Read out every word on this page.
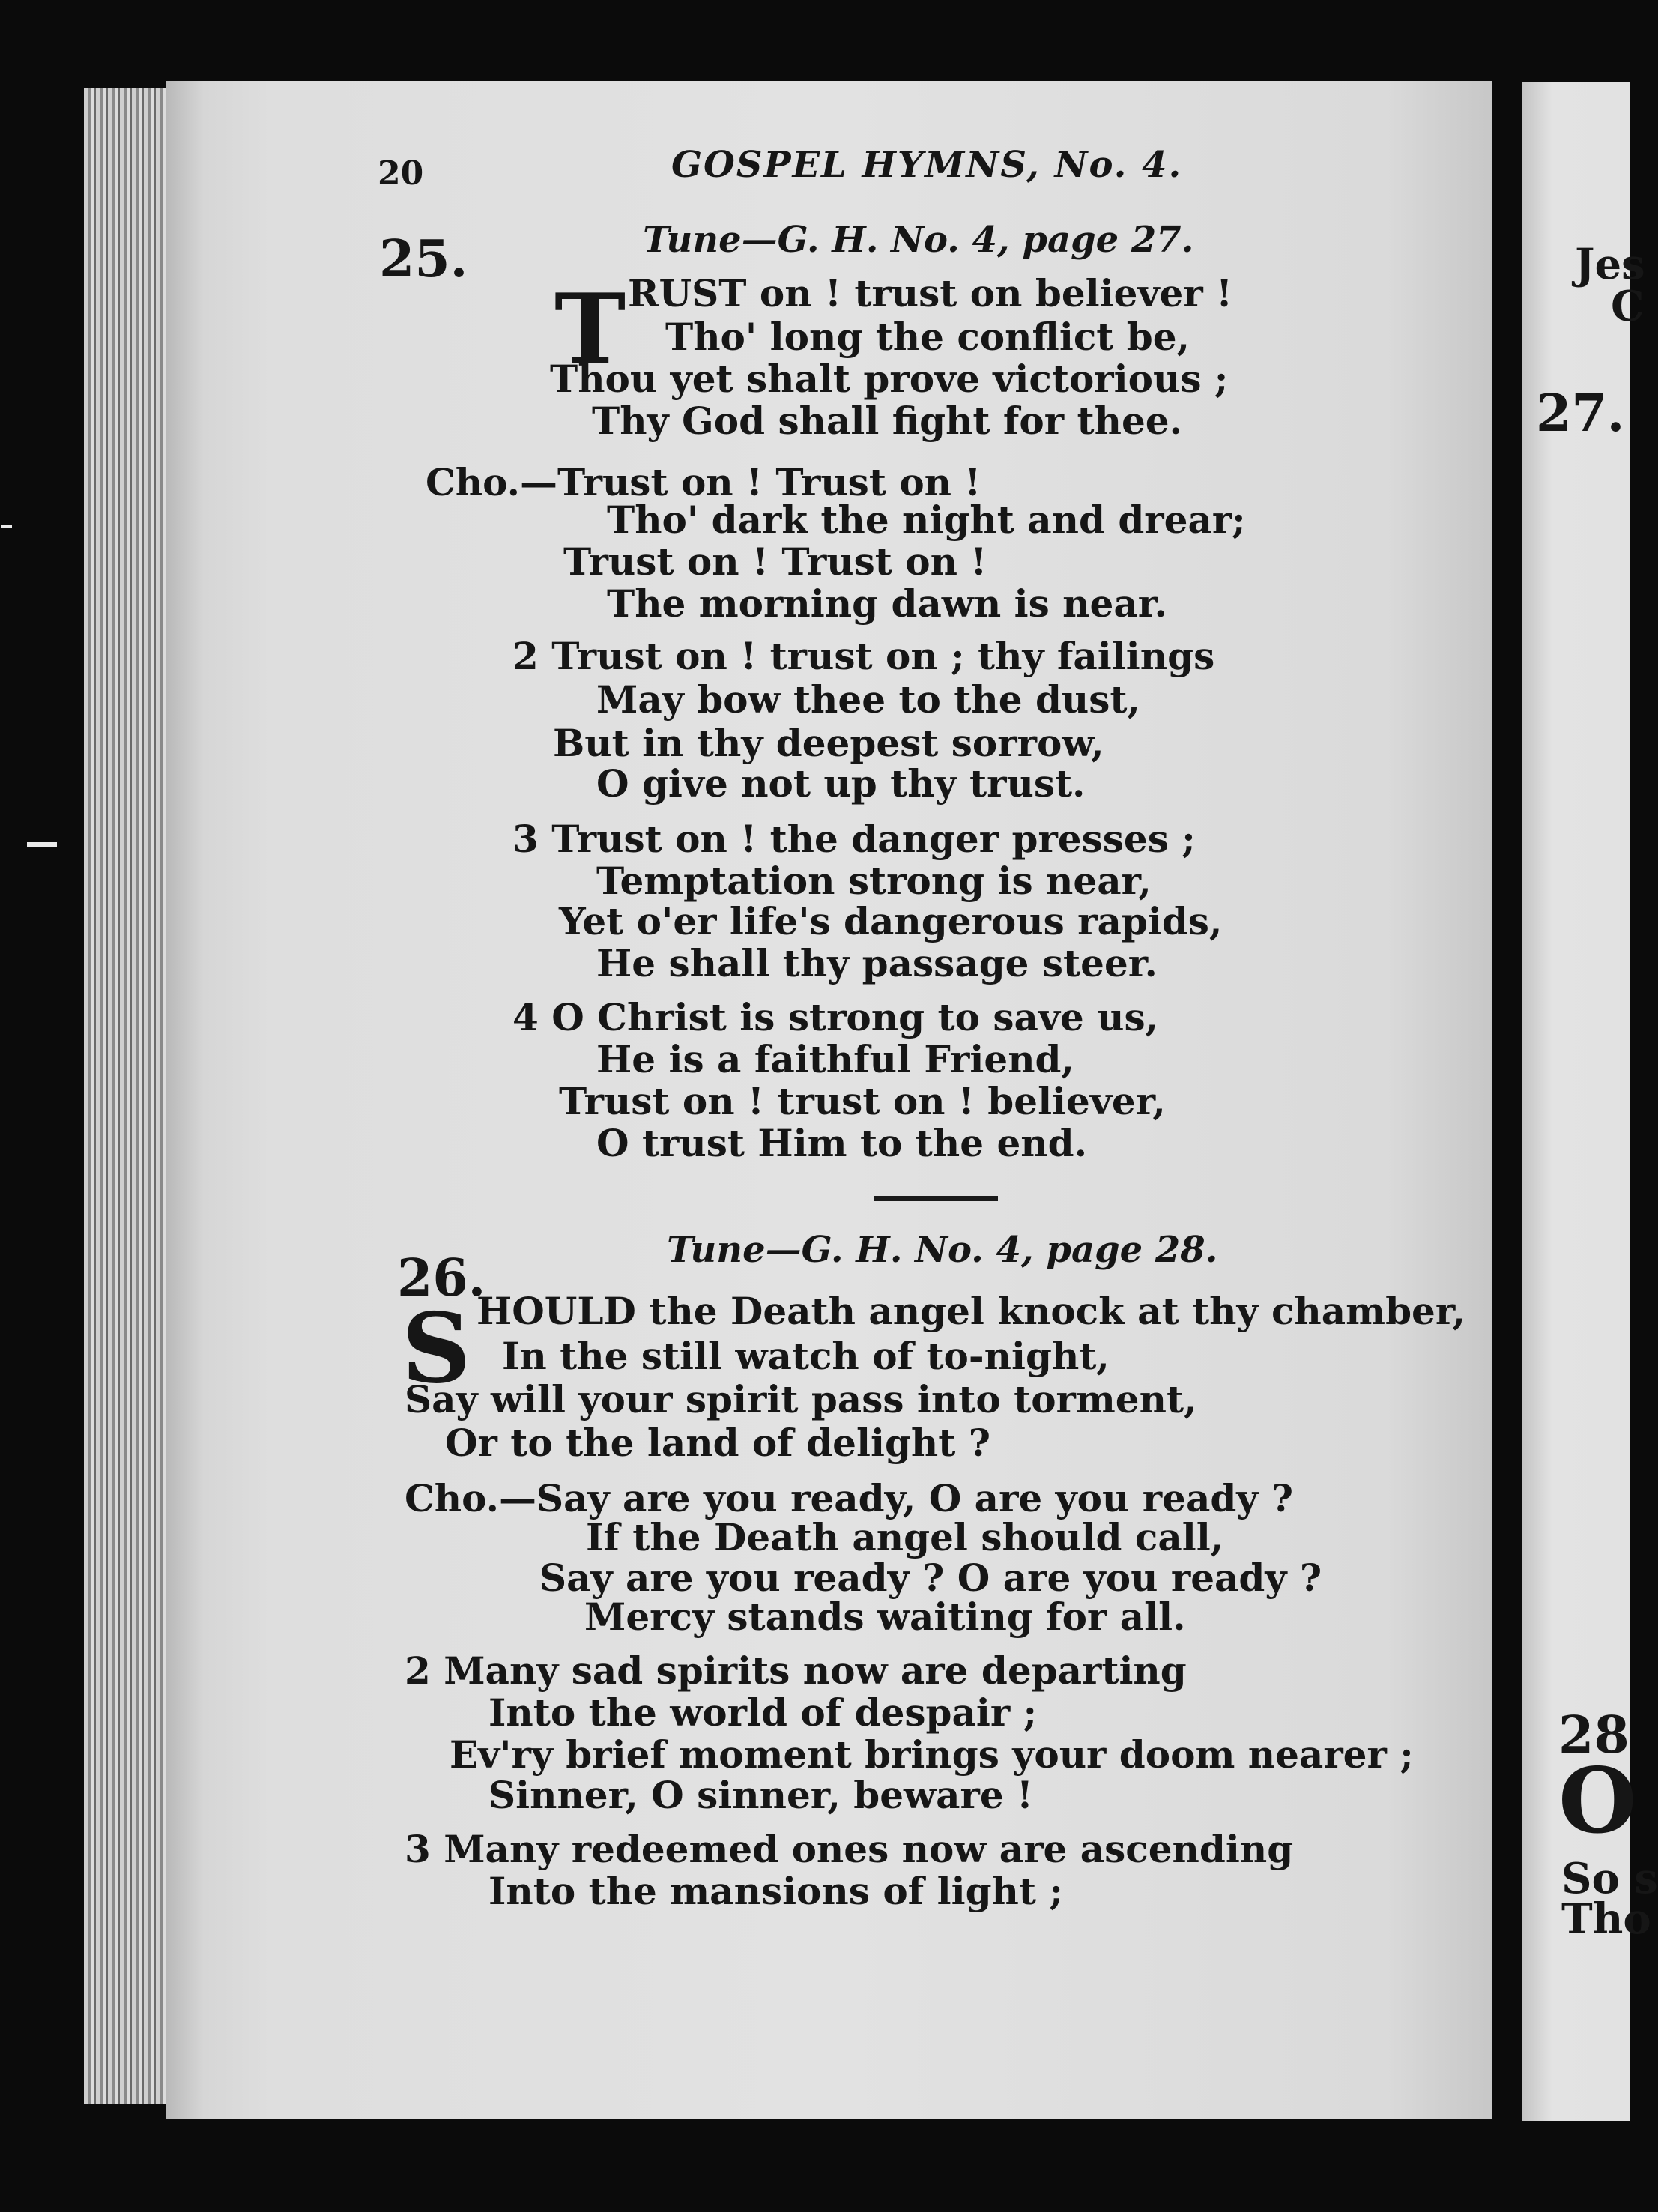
20	GOSPEL HYMNS, No. 4.
25.	Tune—G. H. No. 4, page 27.
T RUST on ! trust on believer !
Tho' long the conflict be,
Thou yet shalt prove victorious ;
Thy God shall fight for thee.
Cho.—Trust on ! Trust on !
Tho' dark the night and drear;
Trust on ! Trust on !
The morning dawn is near.
2 Trust on ! trust on ; thy failings
May bow thee to the dust,
But in thy deepest sorrow,
O give not up thy trust.
3 Trust on ! the danger presses ;
Temptation strong is near,
Yet o'er life's dangerous rapids,
He shall thy passage steer.
4 O Christ is strong to save us,
He is a faithful Friend,
Trust on ! trust on ! believer,
O trust Him to the end.
26.	Tune—G. H. No. 4, page 28.
S HOULD the Death angel knock at thy chamber,
In the still watch of to-night,
Say will your spirit pass into torment,
Or to the land of delight ?
Cho.—Say are you ready, O are you ready ?
If the Death angel should call,
Say are you ready ? O are you ready ?
Mercy stands waiting for all.
2 Many sad spirits now are departing
Into the world of despair ;
Ev'ry brief moment brings your doom nearer ;
Sinner, O sinner, beware !
3 Many redeemed ones now are ascending
Into the mansions of light ;
Jes
C
27.
28
O
So s
Tho
